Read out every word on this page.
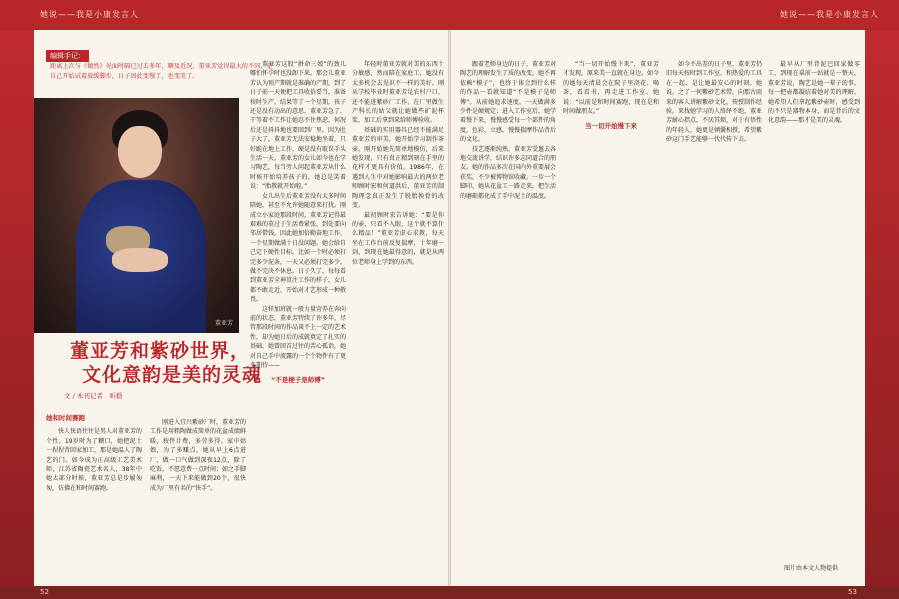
她说——我是小康发言人	她说——我是小康发言人
编辑手记：
距离上次与《做然》见面时隔已过去多年，聊及近况，董亚芳觉得最大的不同，是自己开始试着放缓脚步，日子因此变慢了，也变美了。
董亚芳
董亚芳和紫砂世界，
文化意韵是美的灵魂
文 / 本刊记者　昕勤
她和时间赛跑

快人快语往往是男人对董亚芳的个性。19岁时为了糊口，她把泥土一捏捏背回家加工，那是她温人了陶艺的门。如今成为正高级工艺美术师，江苏省陶瓷艺术名人，38年中她太部分时候，董亚芳总是步履匆匆，仿佛在和时间赛跑。

刚进入宜兴紫砂厂时，董亚芳的工作是用粗陶做成简单的花盆成绩鲜暖，按件计费，多劳多得。家中姑娘，为了多赚点，她从早上6点进厂，做一口气做到深夜12点，除了吃饭，不愿意费一点时间；如之手脚麻利，一天下来能做到20个，很快成为厂里有名的“快手”。

董亚芳这股“拼命三娘”的劲儿哪怕怀孕时也没卸下来。那会儿董亚芳认为预产期就是准确的产期，到了日子前一天便把工具收拾妥当，准备按时生产。结果等了一个星期，孩子还是没有动出的意思，董亚芳急了，干等着不工作让她忍不住焦虑，何况后还是抖抖地也要回到厂里。因为肚子大了，董亚芳无法安稳地坐着，只好跪在地上工作，硬是没有耽误手头生活一天。董亚芳的女儿如今也在学习陶艺，每当旁人问起董亚芳从什么时候开始培养孩子的，她总是笑着说：“胎教就开始啦。”

女儿出生后董亚芳没有太多时间陪她，甚至不允许她随意来打扰。刚成立小家庭那段时间，董亚芳记得最艰难的莫过于生活费紧张，到处要向邻居借钱，因此她加倍勤奋地工作，一个星期做满十日没问题。她会给自己定下硬性目标，比如一个时必须打完多少泥条，一天又必须打完多少，做不完决不休息。日子久了，每每看到董亚芳全神贯注工作的样子，女儿都不敢走近，开始对才艺形成一种敬畏。

这样加班就一般力量营养在奔向前的状态，董亚芳特续了许多年，尽管那段时间的作品谈不上一定的艺术性，却为她日后的成就奠定了扎实的基础。她曾回首过往的苦心孤诣，她对自己手中流露的一个个物件有了更多期待——

“不是梗子是师傅”

年轻时董亚芳就对美的东西十分敏感，然而陪在家庭工，她没有太多机会去见识不一样的美好。刚从学校毕业时董亚芳是农村户口，还不能进紫砂厂工作，在厂里做生产科长的姑父就让她做些矿泥杯浆，加工后拿到来给师傅验收。

基础的实用器具已经不能满足董亚芳的审美，她开始学习制作茶壶。刚开始她先简单地模仿，后来她发现，只有真正精到刻在手里的花样才更具有价值。1986年，在遇到人生中对她影响最大的两位老师顾时宏和何道洪后，董亚芳的制陶理念真正发生了脱胎换骨的改变。

最初顾时宏告诉她：“要是你的壶，只看不入眼，这个就不算什么精品！”董亚芳虚心求教，每天坐在工作台前反复揣摩，十年磨一剑，到现在她最得意的，就是从两位老师身上学到的东西。

跟着老师身边的日子，董亚芳对陶艺的理解发生了质的改变，她不再依赖“模子”，也终于体会到什么样的作品一看就知道“不是模子是师傅”。从前她追求速度，一天做满多少件是硬规定；进入工作室后，她学着慢下来，慢慢感受每一个部件的角度，色彩、立感，慢慢揣摩作品背后的文化。

技艺逐渐纯熟，董亚芳受邀去各地交流讲学，结识许多志同道合的朋友。她的作品多次在国内外重要展会获奖，不少被博物馆收藏。一步一个脚印，她从花盆工一路走来，把生活的磨砺都化成了手中泥土的温度。

“当一切开始慢下来”，董亚芳才发现，原来美一直就在身边。如今的她每天清晨会在院子里浇花、喝茶，看看书，再走进工作室。她说：“以前是和时间赛跑，现在是和时间做朋友。”

当一切开始慢下来

如今不出差的日子里，董亚芳仍旧每天按时到工作室，和热爱的工具在一起，是让她最安心的时刻。她说，之了一何紫砂艺术带，向那古雨来的客人讲解紫砂文化，传授制作经验。来找她学习的人络绎不绝，董亚芳耐心指点，不厌其烦，对于有悟性的年轻人，她更是倾囊相授，希望紫砂这门手艺能够一代代传下去。

最早从厂里背泥巴回家做零工，到现在桌前一站就是一整天，董亚芳说，陶艺是她一辈子的事。每一把壶都凝结着她对美的理解，她希望人们拿起紫砂壶时，感受到的不只是器物本身，而是背后的文化意韵——那才是美的灵魂。

图片由本文人物提供
52	53
